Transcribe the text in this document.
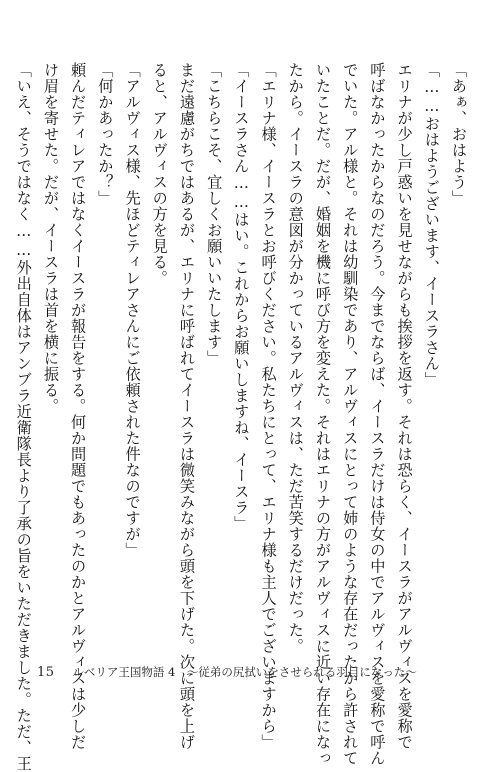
「あぁ、おはよう」
「……おはようございます、イースラさん」
エリナが少し戸惑いを見せながらも挨拶を返す。それは恐らく、イースラがアルヴィスを愛称で
呼ばなかったからなのだろう。今までならば、イースラだけは侍女の中でアルヴィスを愛称で呼ん
でいた。アル様と。それは幼馴染であり、アルヴィスにとって姉のような存在だったから許されて
いたことだ。だが、婚姻を機に呼び方を変えた。それはエリナの方がアルヴィスに近い存在になっ
たから。イースラの意図が分かっているアルヴィスは、ただ苦笑するだけだった。
「エリナ様、イースラとお呼びください。私たちにとって、エリナ様も主人でございますから」
「イースラさん……はい。これからお願いしますね、イースラ」
「こちらこそ、宜しくお願いいたします」
まだ遠慮がちではあるが、エリナに呼ばれてイースラは微笑みながら頭を下げた。次に頭を上げ
ると、アルヴィスの方を見る。
「アルヴィス様、先ほどティレアさんにご依頼された件なのですが」
「何かあったか？」
頼んだティレアではなくイースラが報告をする。何か問題でもあったのかとアルヴィスは少しだ
け眉を寄せた。だが、イースラは首を横に振る。
「いえ、そうではなく……外出自体はアンブラ近衛隊長より了承の旨をいただきました。ただ、王 15 ルベリア王国物語 4　～従弟の尻拭いをさせられる羽目になった～
